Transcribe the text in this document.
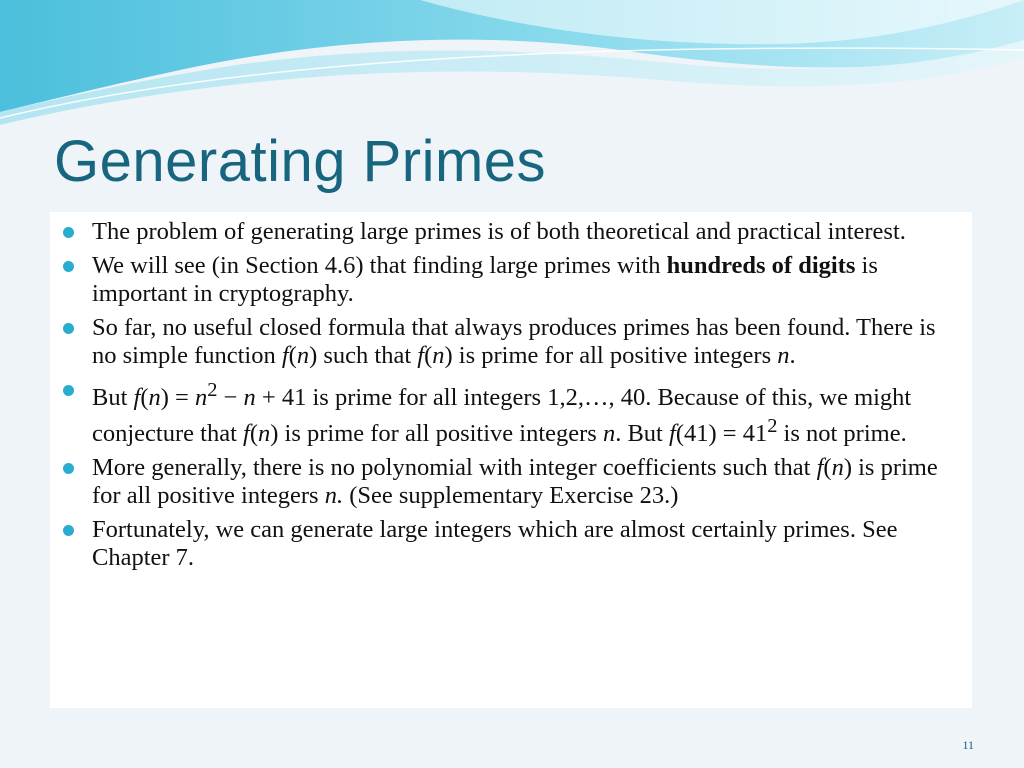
Generating Primes
The problem of generating large primes is of both theoretical and practical interest.
We will see (in Section 4.6) that finding large primes with hundreds of digits is important in cryptography.
So far, no useful closed formula that always produces primes has been found. There is no simple function f(n) such that f(n) is prime for all positive integers n.
But $f(n) = n^2 - n + 41$ is prime for all integers 1,2,…, 40. Because of this, we might conjecture that f(n) is prime for all positive integers n. But $f(41) = 41^2$ is not prime.
More generally, there is no polynomial with integer coefficients such that f(n) is prime for all positive integers n. (See supplementary Exercise 23.)
Fortunately, we can generate large integers which are almost certainly primes. See Chapter 7.
11
